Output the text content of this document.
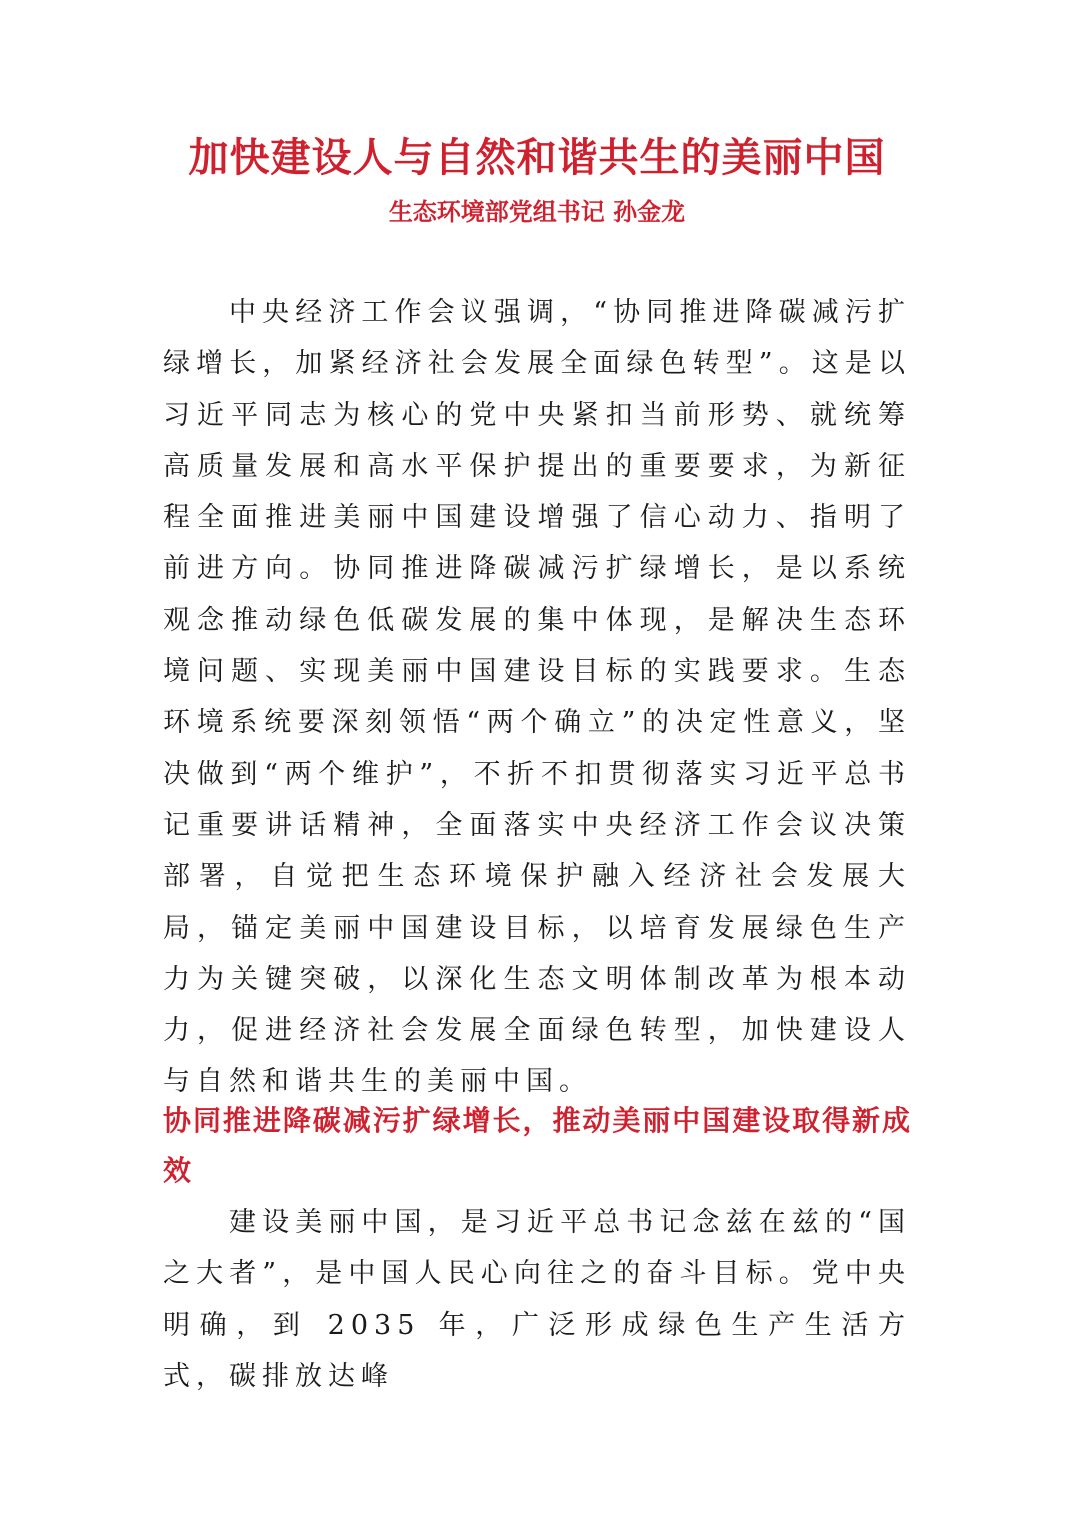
加快建设人与自然和谐共生的美丽中国
生态环境部党组书记 孙金龙

中央经济工作会议强调，“协同推进降碳减污扩绿增长，加紧经济社会发展全面绿色转型”。这是以习近平同志为核心的党中央紧扣当前形势、就统筹高质量发展和高水平保护提出的重要要求，为新征程全面推进美丽中国建设增强了信心动力、指明了前进方向。协同推进降碳减污扩绿增长，是以系统观念推动绿色低碳发展的集中体现，是解决生态环境问题、实现美丽中国建设目标的实践要求。生态环境系统要深刻领悟“两个确立”的决定性意义，坚决做到“两个维护”，不折不扣贯彻落实习近平总书记重要讲话精神，全面落实中央经济工作会议决策部署，自觉把生态环境保护融入经济社会发展大局，锚定美丽中国建设目标，以培育发展绿色生产力为关键突破，以深化生态文明体制改革为根本动力，促进经济社会发展全面绿色转型，加快建设人与自然和谐共生的美丽中国。

协同推进降碳减污扩绿增长，推动美丽中国建设取得新成效

建设美丽中国，是习近平总书记念兹在兹的“国之大者”，是中国人民心向往之的奋斗目标。党中央明确，到 2035 年，广泛形成绿色生产生活方式，碳排放达峰
